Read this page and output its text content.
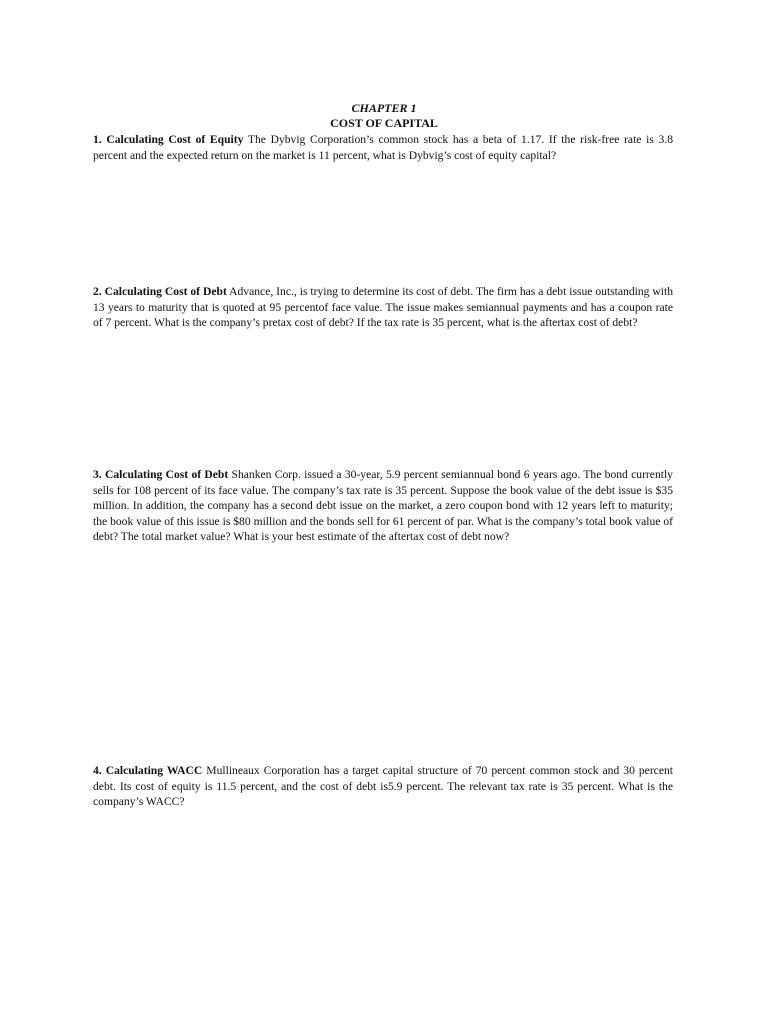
CHAPTER 1
COST OF CAPITAL
1. Calculating Cost of Equity The Dybvig Corporation’s common stock has a beta of 1.17. If the risk-free rate is 3.8 percent and the expected return on the market is 11 percent, what is Dybvig’s cost of equity capital?
2. Calculating Cost of Debt Advance, Inc., is trying to determine its cost of debt. The firm has a debt issue outstanding with 13 years to maturity that is quoted at 95 percentof face value. The issue makes semiannual payments and has a coupon rate of 7 percent. What is the company’s pretax cost of debt? If the tax rate is 35 percent, what is the aftertax cost of debt?
3. Calculating Cost of Debt Shanken Corp. issued a 30-year, 5.9 percent semiannual bond 6 years ago. The bond currently sells for 108 percent of its face value. The company’s tax rate is 35 percent. Suppose the book value of the debt issue is $35 million. In addition, the company has a second debt issue on the market, a zero coupon bond with 12 years left to maturity; the book value of this issue is $80 million and the bonds sell for 61 percent of par. What is the company’s total book value of debt? The total market value? What is your best estimate of the aftertax cost of debt now?
4. Calculating WACC Mullineaux Corporation has a target capital structure of 70 percent common stock and 30 percent debt. Its cost of equity is 11.5 percent, and the cost of debt is5.9 percent. The relevant tax rate is 35 percent. What is the company’s WACC?
